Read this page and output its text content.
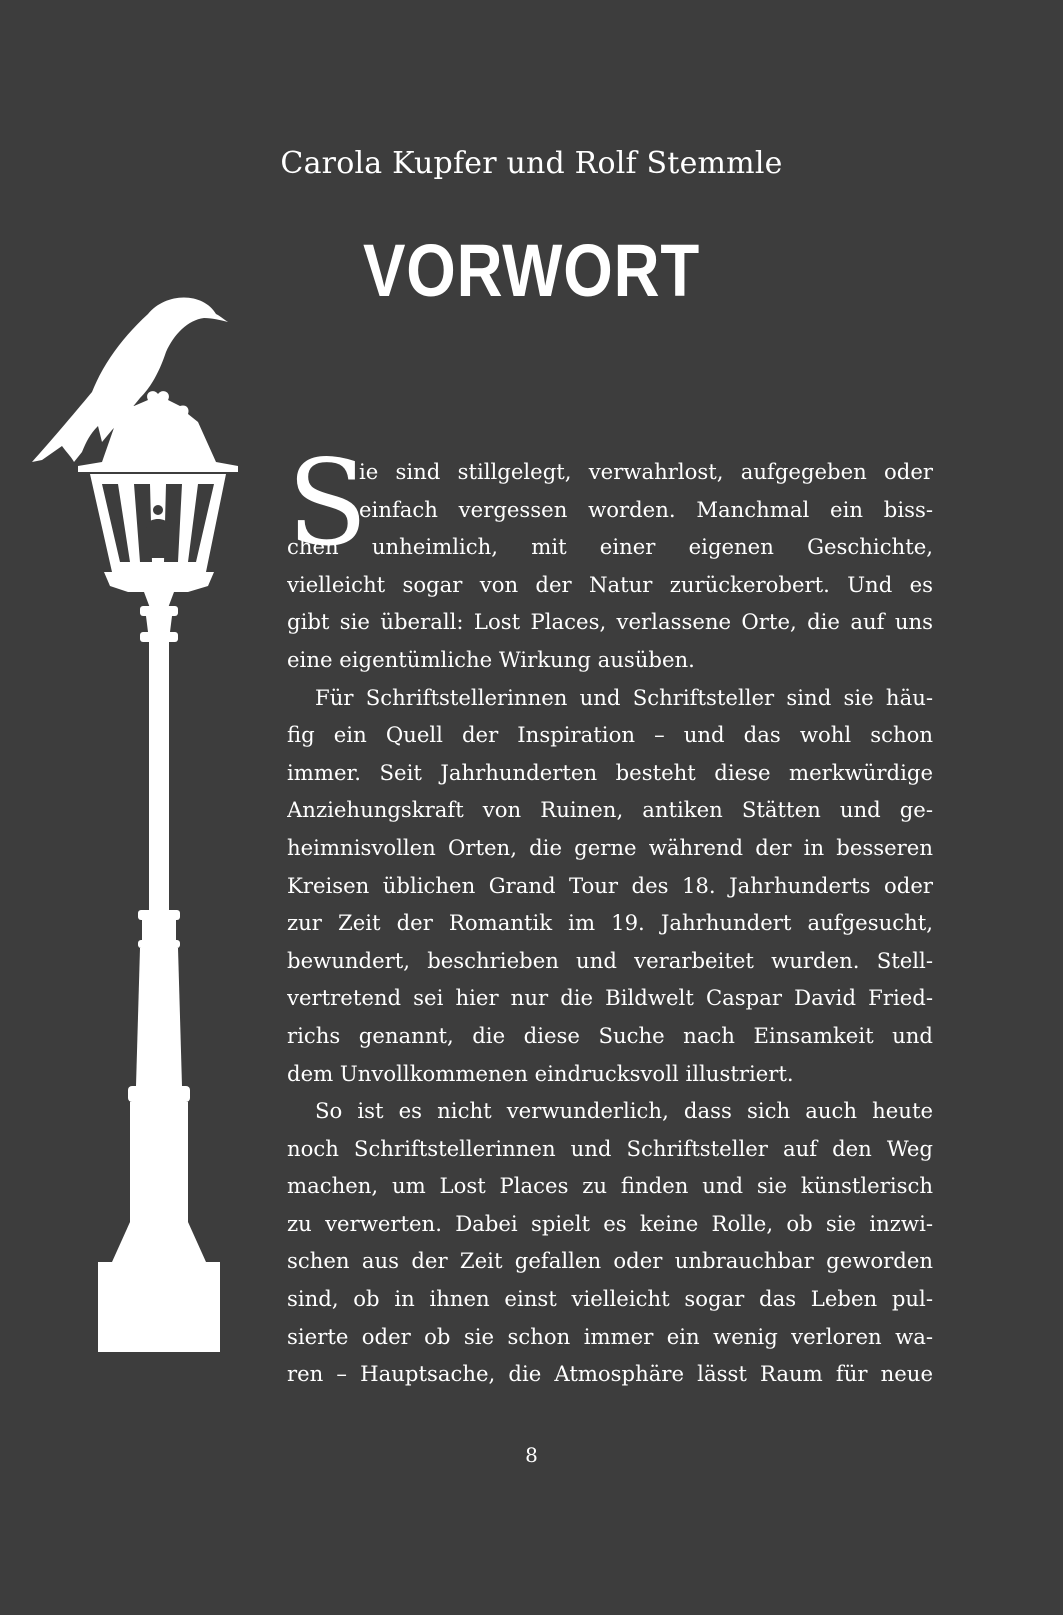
Carola Kupfer und Rolf Stemmle
VORWORT
S
ie sind stillgelegt, verwahrlost, aufgegeben oder
einfach vergessen worden. Manchmal ein biss-
chen unheimlich, mit einer eigenen Geschichte,
vielleicht sogar von der Natur zurückerobert. Und es
gibt sie überall: Lost Places, verlassene Orte, die auf uns
eine eigentümliche Wirkung ausüben.
Für Schriftstellerinnen und Schriftsteller sind sie häu-
fig ein Quell der Inspiration – und das wohl schon
immer. Seit Jahrhunderten besteht diese merkwürdige
Anziehungskraft von Ruinen, antiken Stätten und ge-
heimnisvollen Orten, die gerne während der in besseren
Kreisen üblichen Grand Tour des 18. Jahrhunderts oder
zur Zeit der Romantik im 19. Jahrhundert aufgesucht,
bewundert, beschrieben und verarbeitet wurden. Stell-
vertretend sei hier nur die Bildwelt Caspar David Fried-
richs genannt, die diese Suche nach Einsamkeit und
dem Unvollkommenen eindrucksvoll illustriert.
So ist es nicht verwunderlich, dass sich auch heute
noch Schriftstellerinnen und Schriftsteller auf den Weg
machen, um Lost Places zu finden und sie künstlerisch
zu verwerten. Dabei spielt es keine Rolle, ob sie inzwi-
schen aus der Zeit gefallen oder unbrauchbar geworden
sind, ob in ihnen einst vielleicht sogar das Leben pul-
sierte oder ob sie schon immer ein wenig verloren wa-
ren – Hauptsache, die Atmosphäre lässt Raum für neue
8
